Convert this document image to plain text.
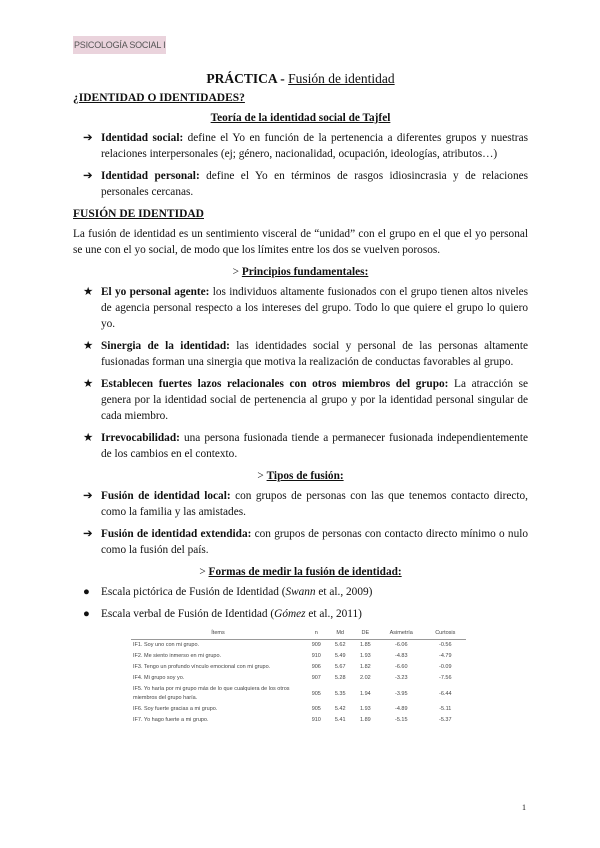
PSICOLOGÍA SOCIAL I
PRÁCTICA - Fusión de identidad
¿IDENTIDAD O IDENTIDADES?
Teoría de la identidad social de Tajfel
➔ Identidad social: define el Yo en función de la pertenencia a diferentes grupos y nuestras relaciones interpersonales (ej; género, nacionalidad, ocupación, ideologías, atributos…)
➔ Identidad personal: define el Yo en términos de rasgos idiosincrasia y de relaciones personales cercanas.
FUSIÓN DE IDENTIDAD

La fusión de identidad es un sentimiento visceral de “unidad” con el grupo en el que el yo personal se une con el yo social, de modo que los límites entre los dos se vuelven porosos.

> Principios fundamentales:
★ El yo personal agente: los individuos altamente fusionados con el grupo tienen altos niveles de agencia personal respecto a los intereses del grupo. Todo lo que quiere el grupo lo quiero yo.
★ Sinergia de la identidad: las identidades social y personal de las personas altamente fusionadas forman una sinergia que motiva la realización de conductas favorables al grupo.
★ Establecen fuertes lazos relacionales con otros miembros del grupo: La atracción se genera por la identidad social de pertenencia al grupo y por la identidad personal singular de cada miembro.
★ Irrevocabilidad: una persona fusionada tiende a permanecer fusionada independientemente de los cambios en el contexto.
> Tipos de fusión:
➔ Fusión de identidad local: con grupos de personas con las que tenemos contacto directo, como la familia y las amistades.
➔ Fusión de identidad extendida: con grupos de personas con contacto directo mínimo o nulo como la fusión del país.
> Formas de medir la fusión de identidad:
● Escala pictórica de Fusión de Identidad (Swann et al., 2009)
● Escala verbal de Fusión de Identidad (Gómez et al., 2011)
Ítems	n	Md	DE	Asimetría	Curtosis
IF1. Soy uno con mi grupo.	909	5.62	1.85	-6.06	-0.56
IF2. Me siento inmerso en mi grupo.	910	5.49	1.93	-4.83	-4.79
IF3. Tengo un profundo vínculo emocional con mi grupo.	906	5.67	1.82	-6.60	-0.09
IF4. Mi grupo soy yo.	907	5.28	2.02	-3.23	-7.56
IF5. Yo haría por mi grupo más de lo que cualquiera de los otros miembros del grupo haría.	905	5.35	1.94	-3.95	-6.44
IF6. Soy fuerte gracias a mi grupo.	905	5.42	1.93	-4.89	-5.11
IF7. Yo hago fuerte a mi grupo.	910	5.41	1.89	-5.15	-5.37
1
